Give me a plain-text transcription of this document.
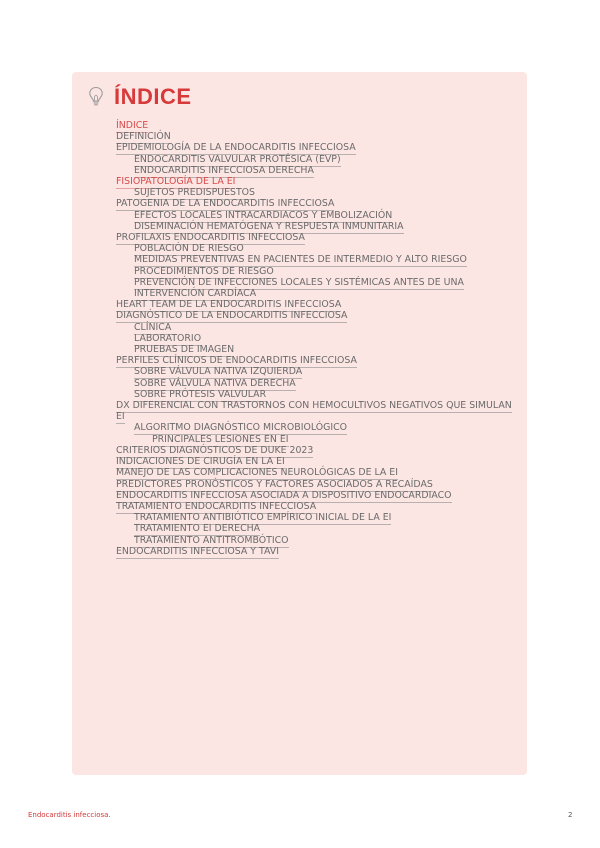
ÍNDICE
ÍNDICE
DEFINICIÓN
EPIDEMIOLOGÍA DE LA ENDOCARDITIS INFECCIOSA
ENDOCARDITIS VALVULAR PROTÉSICA (EVP)
ENDOCARDITIS INFECCIOSA DERECHA
FISIOPATOLOGÍA DE LA EI
SUJETOS PREDISPUESTOS
PATOGENIA DE LA ENDOCARDITIS INFECCIOSA
EFECTOS LOCALES INTRACARDIACOS Y EMBOLIZACIÓN
DISEMINACIÓN HEMATÓGENA Y RESPUESTA INMUNITARIA
PROFILAXIS ENDOCARDITIS INFECCIOSA
POBLACIÓN DE RIESGO
MEDIDAS PREVENTIVAS EN PACIENTES DE INTERMEDIO Y ALTO RIESGO
PROCEDIMIENTOS DE RIESGO
PREVENCIÓN DE INFECCIONES LOCALES Y SISTÉMICAS ANTES DE UNA INTERVENCIÓN CARDÍACA
HEART TEAM DE LA ENDOCARDITIS INFECCIOSA
DIAGNÓSTICO DE LA ENDOCARDITIS INFECCIOSA
CLÍNICA
LABORATORIO
PRUEBAS DE IMAGEN
PERFILES CLÍNICOS DE ENDOCARDITIS INFECCIOSA
SOBRE VÁLVULA NATIVA IZQUIERDA
SOBRE VÁLVULA NATIVA DERECHA
SOBRE PRÓTESIS VALVULAR
DX DIFERENCIAL CON TRASTORNOS CON HEMOCULTIVOS NEGATIVOS QUE SIMULAN EI
ALGORITMO DIAGNÓSTICO MICROBIOLÓGICO
PRINCIPALES LESIONES EN EI
CRITERIOS DIAGNÓSTICOS DE DUKE 2023
INDICACIONES DE CIRUGÍA EN LA EI
MANEJO DE LAS COMPLICACIONES NEUROLÓGICAS DE LA EI
PREDICTORES PRONÓSTICOS Y FACTORES ASOCIADOS A RECAÍDAS
ENDOCARDITIS INFECCIOSA ASOCIADA A DISPOSITIVO ENDOCARDIACO
TRATAMIENTO ENDOCARDITIS INFECCIOSA
TRATAMIENTO ANTIBIÓTICO EMPÍRICO INICIAL DE LA EI
TRATAMIENTO EI DERECHA
TRATAMIENTO ANTITROMBÓTICO
ENDOCARDITIS INFECCIOSA Y TAVI
Endocarditis infecciosa.	2
